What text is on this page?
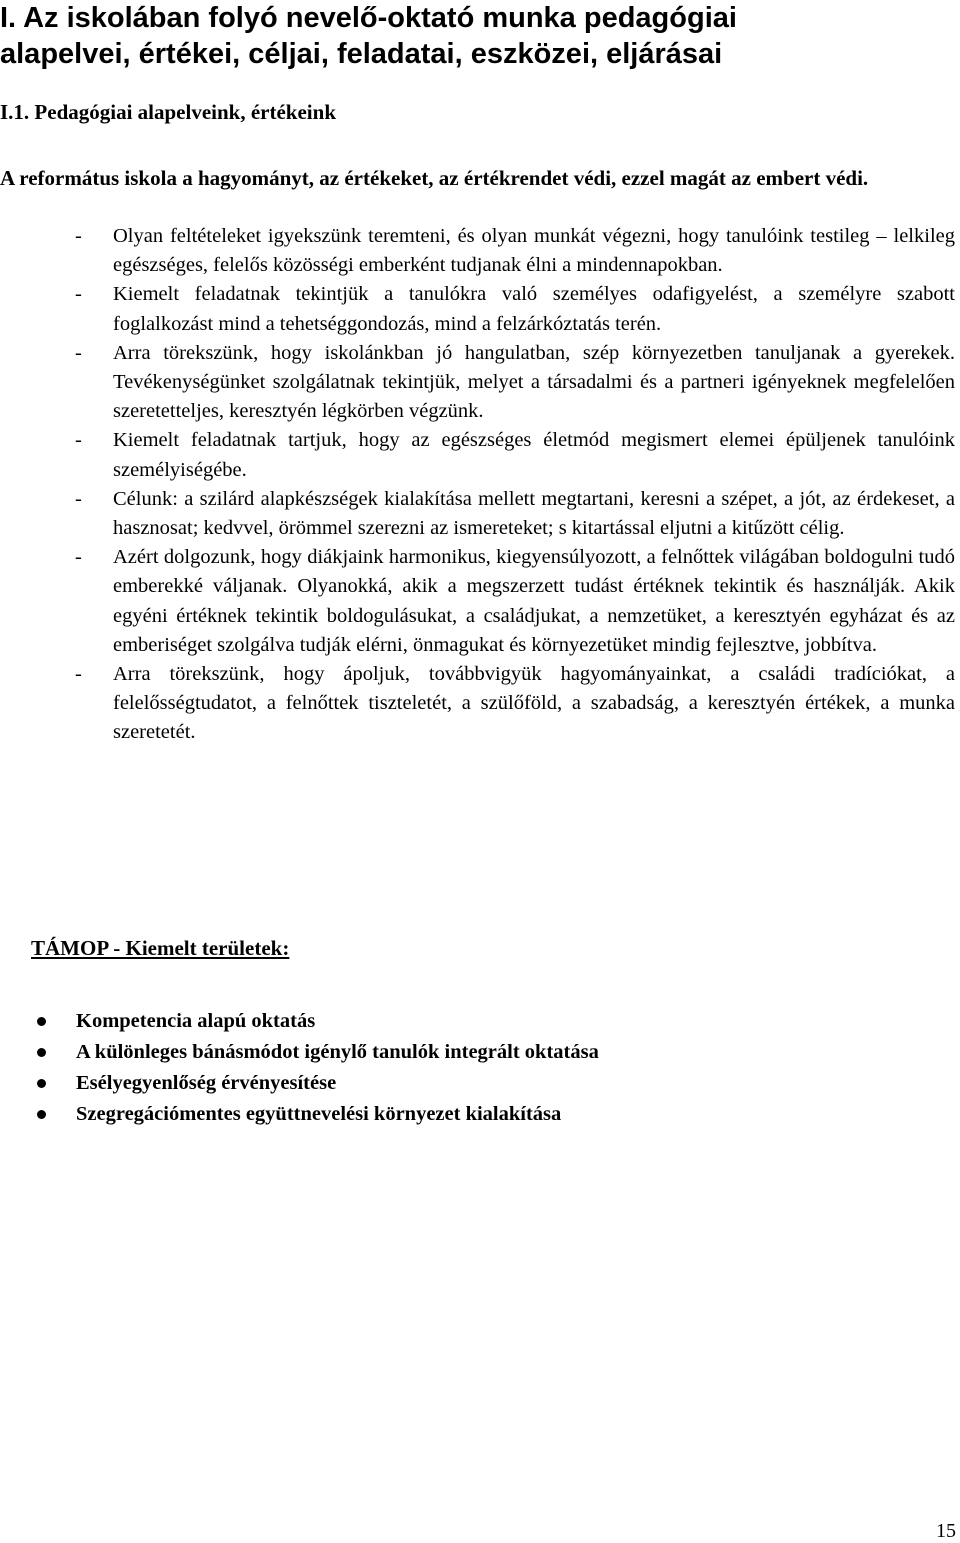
I. Az iskolában folyó nevelő-oktató munka pedagógiai
alapelvei, értékei, céljai, feladatai, eszközei, eljárásai
I.1. Pedagógiai alapelveink, értékeink

A református iskola a hagyományt, az értékeket, az értékrendet védi, ezzel magát az embert védi.

- Olyan feltételeket igyekszünk teremteni, és olyan munkát végezni, hogy tanulóink testileg – lelkileg egészséges, felelős közösségi emberként tudjanak élni a mindennapokban.
- Kiemelt feladatnak tekintjük a tanulókra való személyes odafigyelést, a személyre szabott foglalkozást mind a tehetséggondozás, mind a felzárkóztatás terén.
- Arra törekszünk, hogy iskolánkban jó hangulatban, szép környezetben tanuljanak a gyerekek. Tevékenységünket szolgálatnak tekintjük, melyet a társadalmi és a partneri igényeknek megfelelően szeretetteljes, keresztyén légkörben végzünk.
- Kiemelt feladatnak tartjuk, hogy az egészséges életmód megismert elemei épüljenek tanulóink személyiségébe.
- Célunk: a szilárd alapkészségek kialakítása mellett megtartani, keresni a szépet, a jót, az érdekeset, a hasznosat; kedvvel, örömmel szerezni az ismereteket; s kitartással eljutni a kitűzött célig.
- Azért dolgozunk, hogy diákjaink harmonikus, kiegyensúlyozott, a felnőttek világában boldogulni tudó emberekké váljanak. Olyanokká, akik a megszerzett tudást értéknek tekintik és használják. Akik egyéni értéknek tekintik boldogulásukat, a családjukat, a nemzetüket, a keresztyén egyházat és az emberiséget szolgálva tudják elérni, önmagukat és környezetüket mindig fejlesztve, jobbítva.
- Arra törekszünk, hogy ápoljuk, továbbvigyük hagyományainkat, a családi tradíciókat, a felelősségtudatot, a felnőttek tiszteletét, a szülőföld, a szabadság, a keresztyén értékek, a munka szeretetét.
TÁMOP - Kiemelt területek:
Kompetencia alapú oktatás
A különleges bánásmódot igénylő tanulók integrált oktatása
Esélyegyenlőség érvényesítése
Szegregációmentes együttnevelési környezet kialakítása
15
